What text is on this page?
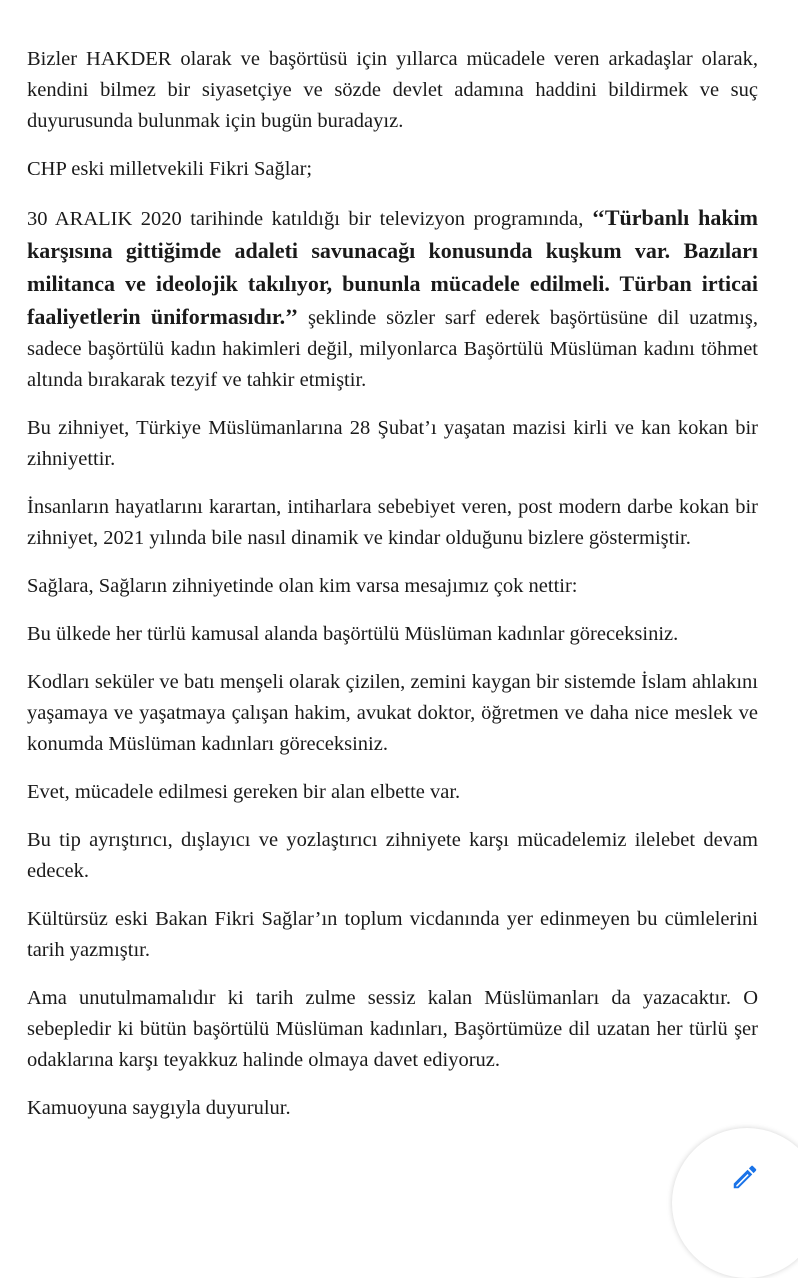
Bizler HAKDER olarak ve başörtüsü için yıllarca mücadele veren arkadaşlar olarak, kendini bilmez bir siyasetçiye ve sözde devlet adamına haddini bildirmek ve suç duyurusunda bulunmak için bugün buradayız.

CHP eski milletvekili Fikri Sağlar;

30 ARALIK 2020 tarihinde katıldığı bir televizyon programında, ‘‘Türbanlı hakim karşısına gittiğimde adaleti savunacağı konusunda kuşkum var. Bazıları militanca ve ideolojik takılıyor, bununla mücadele edilmeli. Türban irticai faaliyetlerin üniformasıdır.’’ şeklinde sözler sarf ederek başörtüsüne dil uzatmış, sadece başörtülü kadın hakimleri değil, milyonlarca Başörtülü Müslüman kadını töhmet altında bırakarak tezyif ve tahkir etmiştir.

Bu zihniyet, Türkiye Müslümanlarına 28 Şubat’ı yaşatan mazisi kirli ve kan kokan bir zihniyettir.

İnsanların hayatlarını karartan, intiharlara sebebiyet veren, post modern darbe kokan bir zihniyet, 2021 yılında bile nasıl dinamik ve kindar olduğunu bizlere göstermiştir.

Sağlara, Sağların zihniyetinde olan kim varsa mesajımız çok nettir:

Bu ülkede her türlü kamusal alanda başörtülü Müslüman kadınlar göreceksiniz.

Kodları seküler ve batı menşeli olarak çizilen, zemini kaygan bir sistemde İslam ahlakını yaşamaya ve yaşatmaya çalışan hakim, avukat doktor, öğretmen ve daha nice meslek ve konumda Müslüman kadınları göreceksiniz.

Evet, mücadele edilmesi gereken bir alan elbette var.

Bu tip ayrıştırıcı, dışlayıcı ve yozlaştırıcı zihniyete karşı mücadelemiz ilelebet devam edecek.

Kültürsüz eski Bakan Fikri Sağlar’ın toplum vicdanında yer edinmeyen bu cümlelerini tarih yazmıştır.

Ama unutulmamalıdır ki tarih zulme sessiz kalan Müslümanları da yazacaktır. O sebepledir ki bütün başörtülü Müslüman kadınları, Başörtümüze dil uzatan her türlü şer odaklarına karşı teyakkuz halinde olmaya davet ediyoruz.

Kamuoyuna saygıyla duyurulur.
